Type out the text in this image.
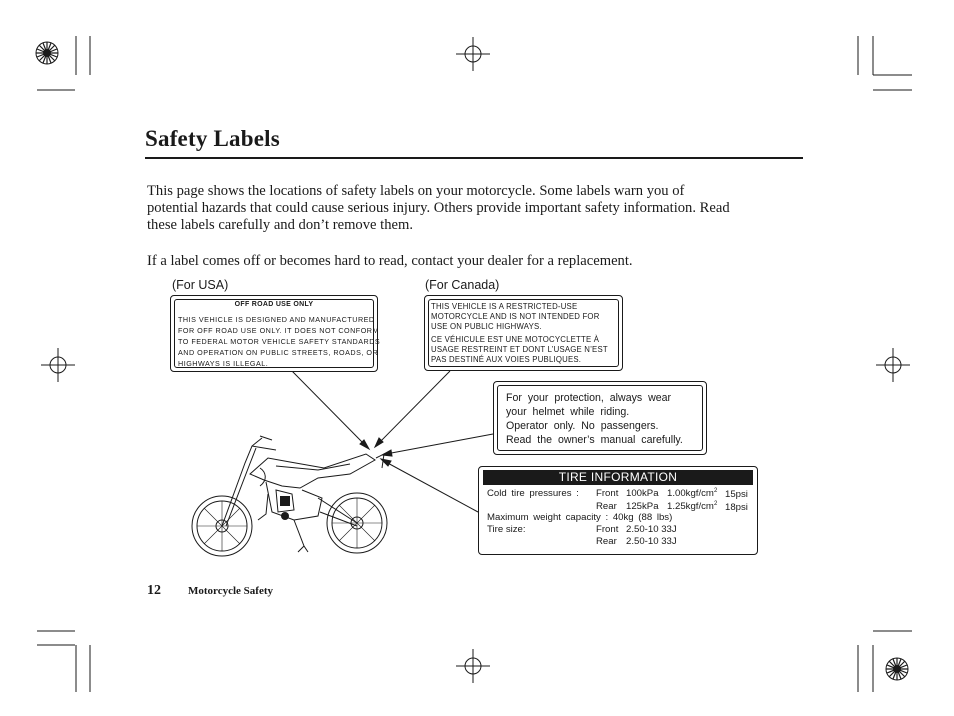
Safety Labels
This page shows the locations of safety labels on your motorcycle. Some labels warn you of
potential hazards that could cause serious injury. Others provide important safety information. Read
these labels carefully and don’t remove them.
If a label comes off or becomes hard to read, contact your dealer for a replacement.
(For USA)	(For Canada)
OFF ROAD USE ONLY
THIS VEHICLE IS DESIGNED AND MANUFACTURED
FOR OFF ROAD USE ONLY. IT DOES NOT CONFORM
TO FEDERAL MOTOR VEHICLE SAFETY STANDARDS
AND OPERATION ON PUBLIC STREETS, ROADS, OR
HIGHWAYS IS ILLEGAL.
THIS VEHICLE IS A RESTRICTED-USE
MOTORCYCLE AND IS NOT INTENDED FOR
USE ON PUBLIC HIGHWAYS.
CE VÉHICULE EST UNE MOTOCYCLETTE À
USAGE RESTREINT ET DONT L’USAGE N’EST
PAS DESTINÉ AUX VOIES PUBLIQUES.
For your protection, always wear
your helmet while riding.
Operator only. No passengers.
Read the owner’s manual carefully.
TIRE INFORMATION
Cold tire pressures : Front 100kPa $1.00kgf/cm^2$ 15psi
Rear 125kPa $1.25kgf/cm^2$ 18psi
Maximum weight capacity : 40kg (88 lbs)
Tire size:	Front 2.50-10 33J
Rear 2.50-10 33J
12 Motorcycle Safety
